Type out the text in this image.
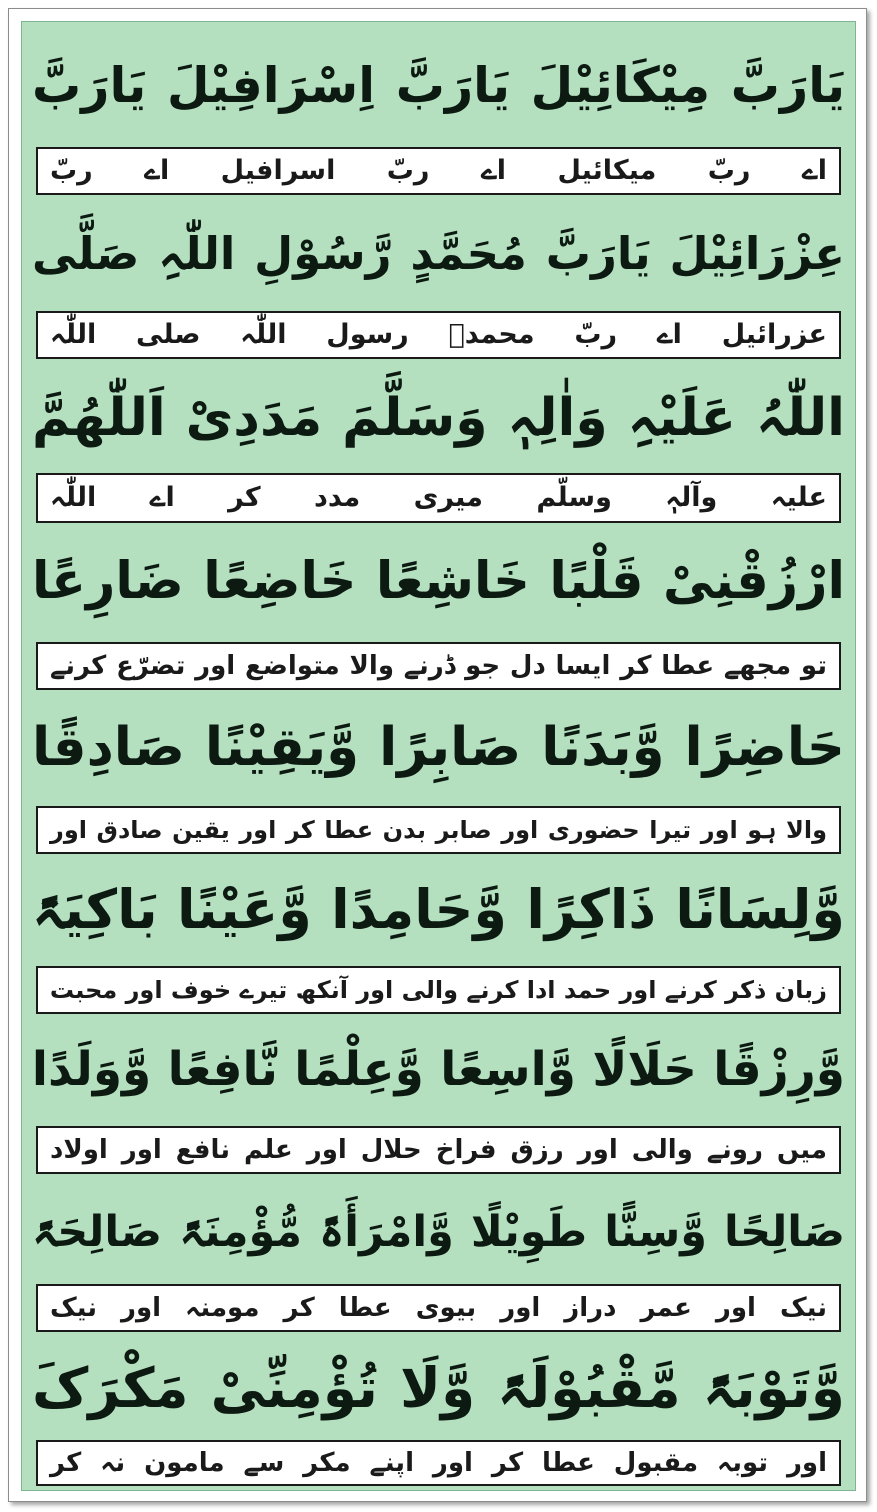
یَارَبَّ مِیْکَائِیْلَ یَارَبَّ اِسْرَافِیْلَ یَارَبَّ
اے ربّ میکائیل اے ربّ اسرافیل اے ربّ
عِزْرَائِیْلَ یَارَبَّ مُحَمَّدٍ رَّسُوْلِ اللّٰہِ صَلَّی
عزرائیل اے ربّ محمدؐ رسول اللّٰہ صلی اللّٰہ
اللّٰہُ عَلَیْہِ وَاٰلِہٖ وَسَلَّمَ مَدَدِیْ اَللّٰھُمَّ
علیہ وآلہٖ وسلّم میری مدد کر اے اللّٰہ
ارْزُقْنِیْ قَلْبًا خَاشِعًا خَاضِعًا ضَارِعًا
تو مجھے عطا کر ایسا دل جو ڈرنے والا متواضع اور تضرّع کرنے
حَاضِرًا وَّبَدَنًا صَابِرًا وَّیَقِیْنًا صَادِقًا
والا ہو اور تیرا حضوری اور صابر بدن عطا کر اور یقین صادق اور
وَّلِسَانًا ذَاکِرًا وَّحَامِدًا وَّعَیْنًا بَاکِیَۃً
زبان ذکر کرنے اور حمد ادا کرنے والی اور آنکھ تیرے خوف اور محبت
وَّرِزْقًا حَلَالًا وَّاسِعًا وَّعِلْمًا نَّافِعًا وَّوَلَدًا
میں رونے والی اور رزق فراخ حلال اور علم نافع اور اولاد
صَالِحًا وَّسِنًّا طَوِیْلًا وَّامْرَأَۃً مُّؤْمِنَۃً صَالِحَۃً
نیک اور عمر دراز اور بیوی عطا کر مومنہ اور نیک
وَّتَوْبَۃً مَّقْبُوْلَۃً وَّلَا تُؤْمِنِّیْ مَکْرَکَ
اور توبہ مقبول عطا کر اور اپنے مکر سے مامون نہ کر
